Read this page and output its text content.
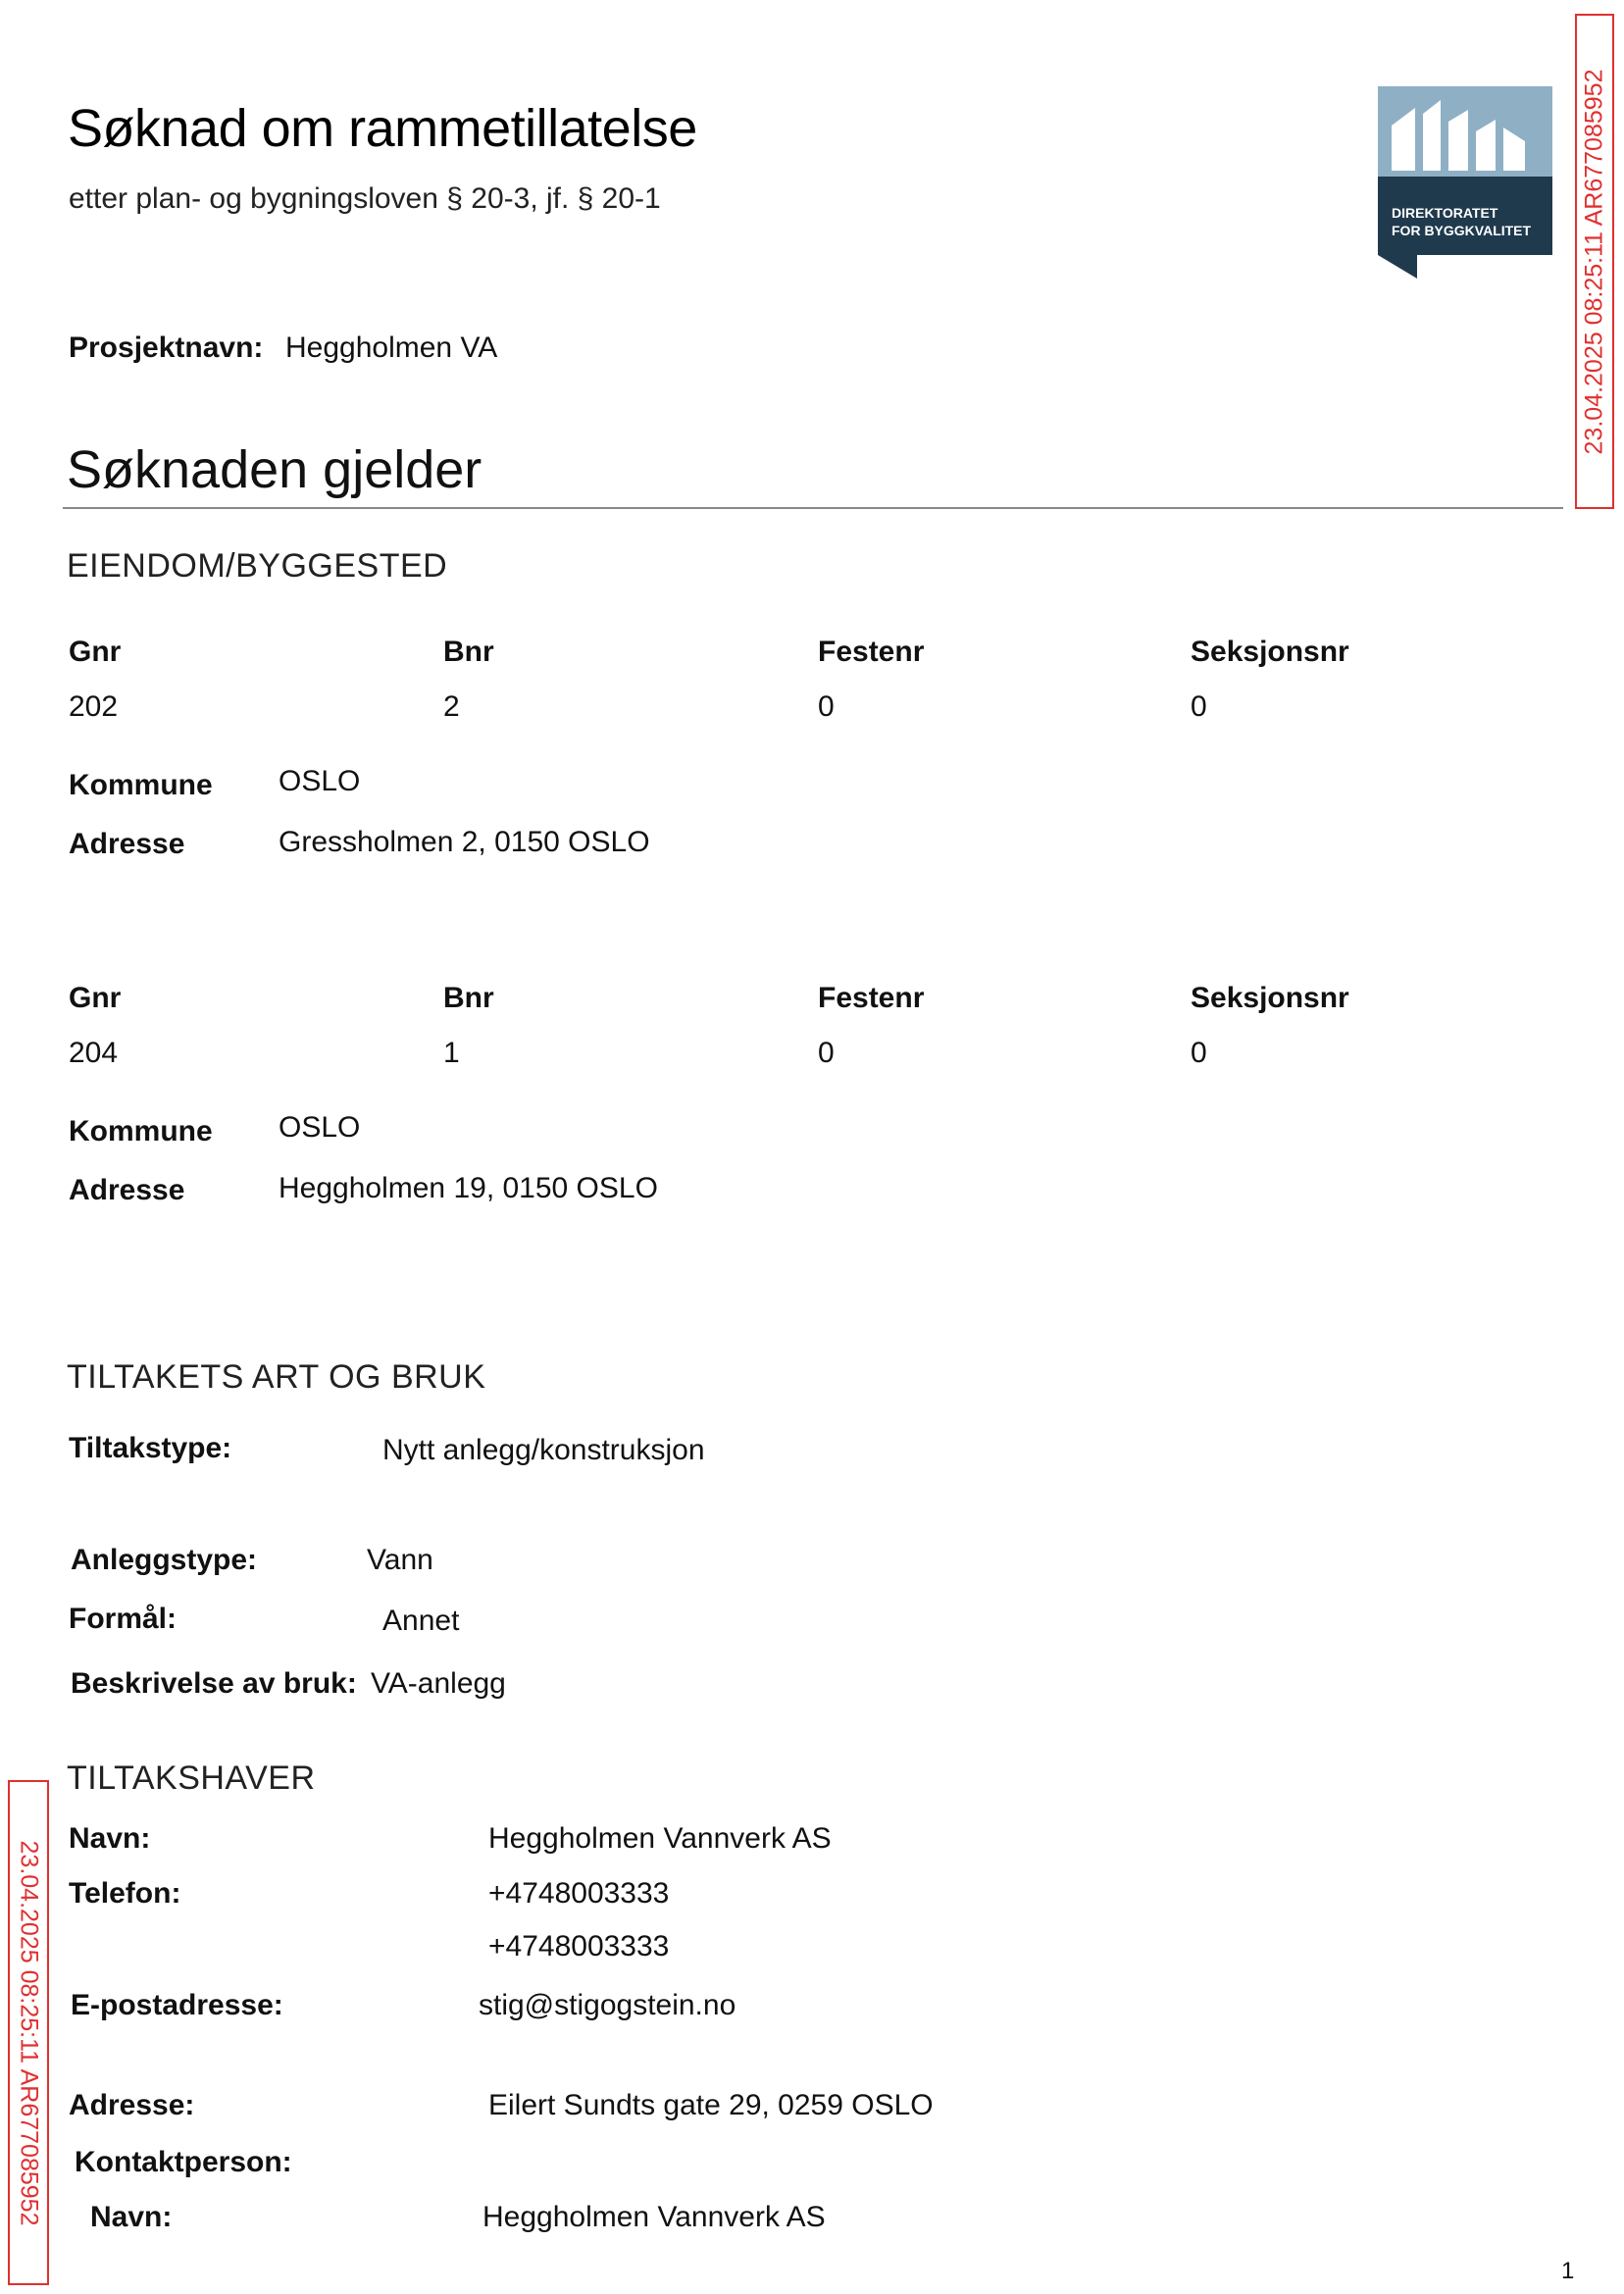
Søknad om rammetillatelse
etter plan- og bygningsloven § 20-3, jf. § 20-1	DIREKTORATET
FOR BYGGKVALITET 23.04.2025 08:25:11 AR677085952
23.04.2025 08:25:11 AR677085952
Prosjektnavn: Heggholmen VA
Søknaden gjelder
EIENDOM/BYGGESTED
Gnr	Bnr	Festenr	Seksjonsnr
202	2	0	0
Kommune OSLO
Adresse	Gressholmen 2, 0150 OSLO
Gnr	Bnr	Festenr	Seksjonsnr
204	1	0	0
Kommune OSLO
Adresse	Heggholmen 19, 0150 OSLO
TILTAKETS ART OG BRUK
Tiltakstype:	Nytt anlegg/konstruksjon
Anleggstype:	Vann
Formål:	Annet
Beskrivelse av bruk: VA-anlegg
TILTAKSHAVER
Navn:	Heggholmen Vannverk AS
Telefon:	+4748003333
+4748003333
E-postadresse:	stig@stigogstein.no
Adresse:	Eilert Sundts gate 29, 0259 OSLO
Kontaktperson:
Navn:	Heggholmen Vannverk AS
1
